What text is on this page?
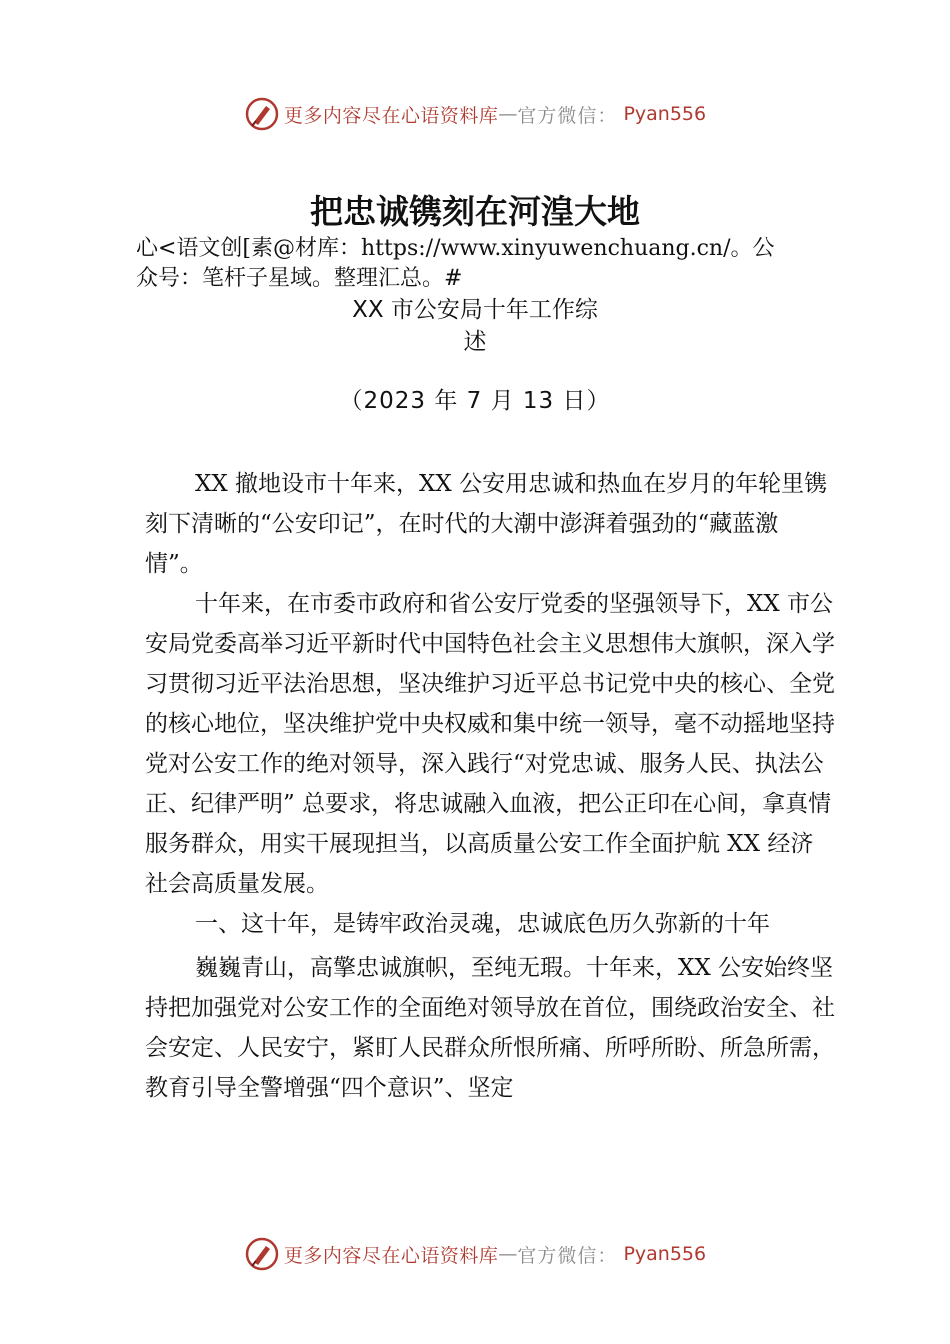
更多内容尽在心语资料库 — 官方微信： Pyan556
把忠诚镌刻在河湟大地
心<语文创[素@材库：https://www.xinyuwenchuang.cn/。公
众号：笔杆子星域。整理汇总。#
XX 市公安局十年工作综
述
（2023 年 7 月 13 日）

XX 撤地设市十年来，XX 公安用忠诚和热血在岁月的年轮里镌刻下清晰的“公安印记”，在时代的大潮中澎湃着强劲的“藏蓝激情”。

十年来，在市委市政府和省公安厅党委的坚强领导下，XX 市公安局党委高举习近平新时代中国特色社会主义思想伟大旗帜，深入学习贯彻习近平法治思想，坚决维护习近平总书记党中央的核心、全党的核心地位，坚决维护党中央权威和集中统一领导，毫不动摇地坚持党对公安工作的绝对领导，深入践行“对党忠诚、服务人民、执法公正、纪律严明” 总要求，将忠诚融入血液，把公正印在心间，拿真情服务群众，用实干展现担当，以高质量公安工作全面护航 XX 经济社会高质量发展。

一、这十年，是铸牢政治灵魂，忠诚底色历久弥新的十年

巍巍青山，高擎忠诚旗帜，至纯无瑕。十年来，XX 公安始终坚持把加强党对公安工作的全面绝对领导放在首位，围绕政治安全、社会安定、人民安宁，紧盯人民群众所恨所痛、所呼所盼、所急所需，教育引导全警增强“四个意识”、坚定

更多内容尽在心语资料库 — 官方微信： Pyan556
